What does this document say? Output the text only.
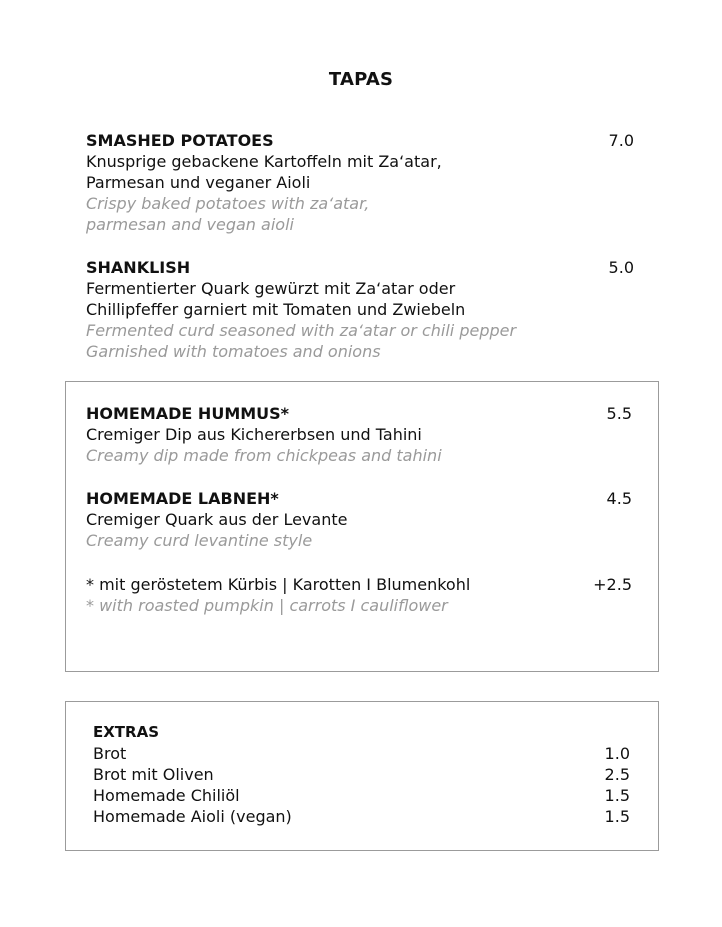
TAPAS
SMASHED POTATOES	7.0
Knusprige gebackene Kartoffeln mit Za‘atar,
Parmesan und veganer Aioli
Crispy baked potatoes with za‘atar,
parmesan and vegan aioli
SHANKLISH	5.0
Fermentierter Quark gewürzt mit Za‘atar oder
Chillipfeffer garniert mit Tomaten und Zwiebeln
Fermented curd seasoned with za‘atar or chili pepper
Garnished with tomatoes and onions
HOMEMADE HUMMUS*	5.5
Cremiger Dip aus Kichererbsen und Tahini
Creamy dip made from chickpeas and tahini
HOMEMADE LABNEH*	4.5
Cremiger Quark aus der Levante
Creamy curd levantine style
* mit geröstetem Kürbis | Karotten I Blumenkohl	+2.5
* with roasted pumpkin | carrots I cauliflower
EXTRAS
Brot	1.0
Brot mit Oliven	2.5
Homemade Chiliöl	1.5
Homemade Aioli (vegan)	1.5
